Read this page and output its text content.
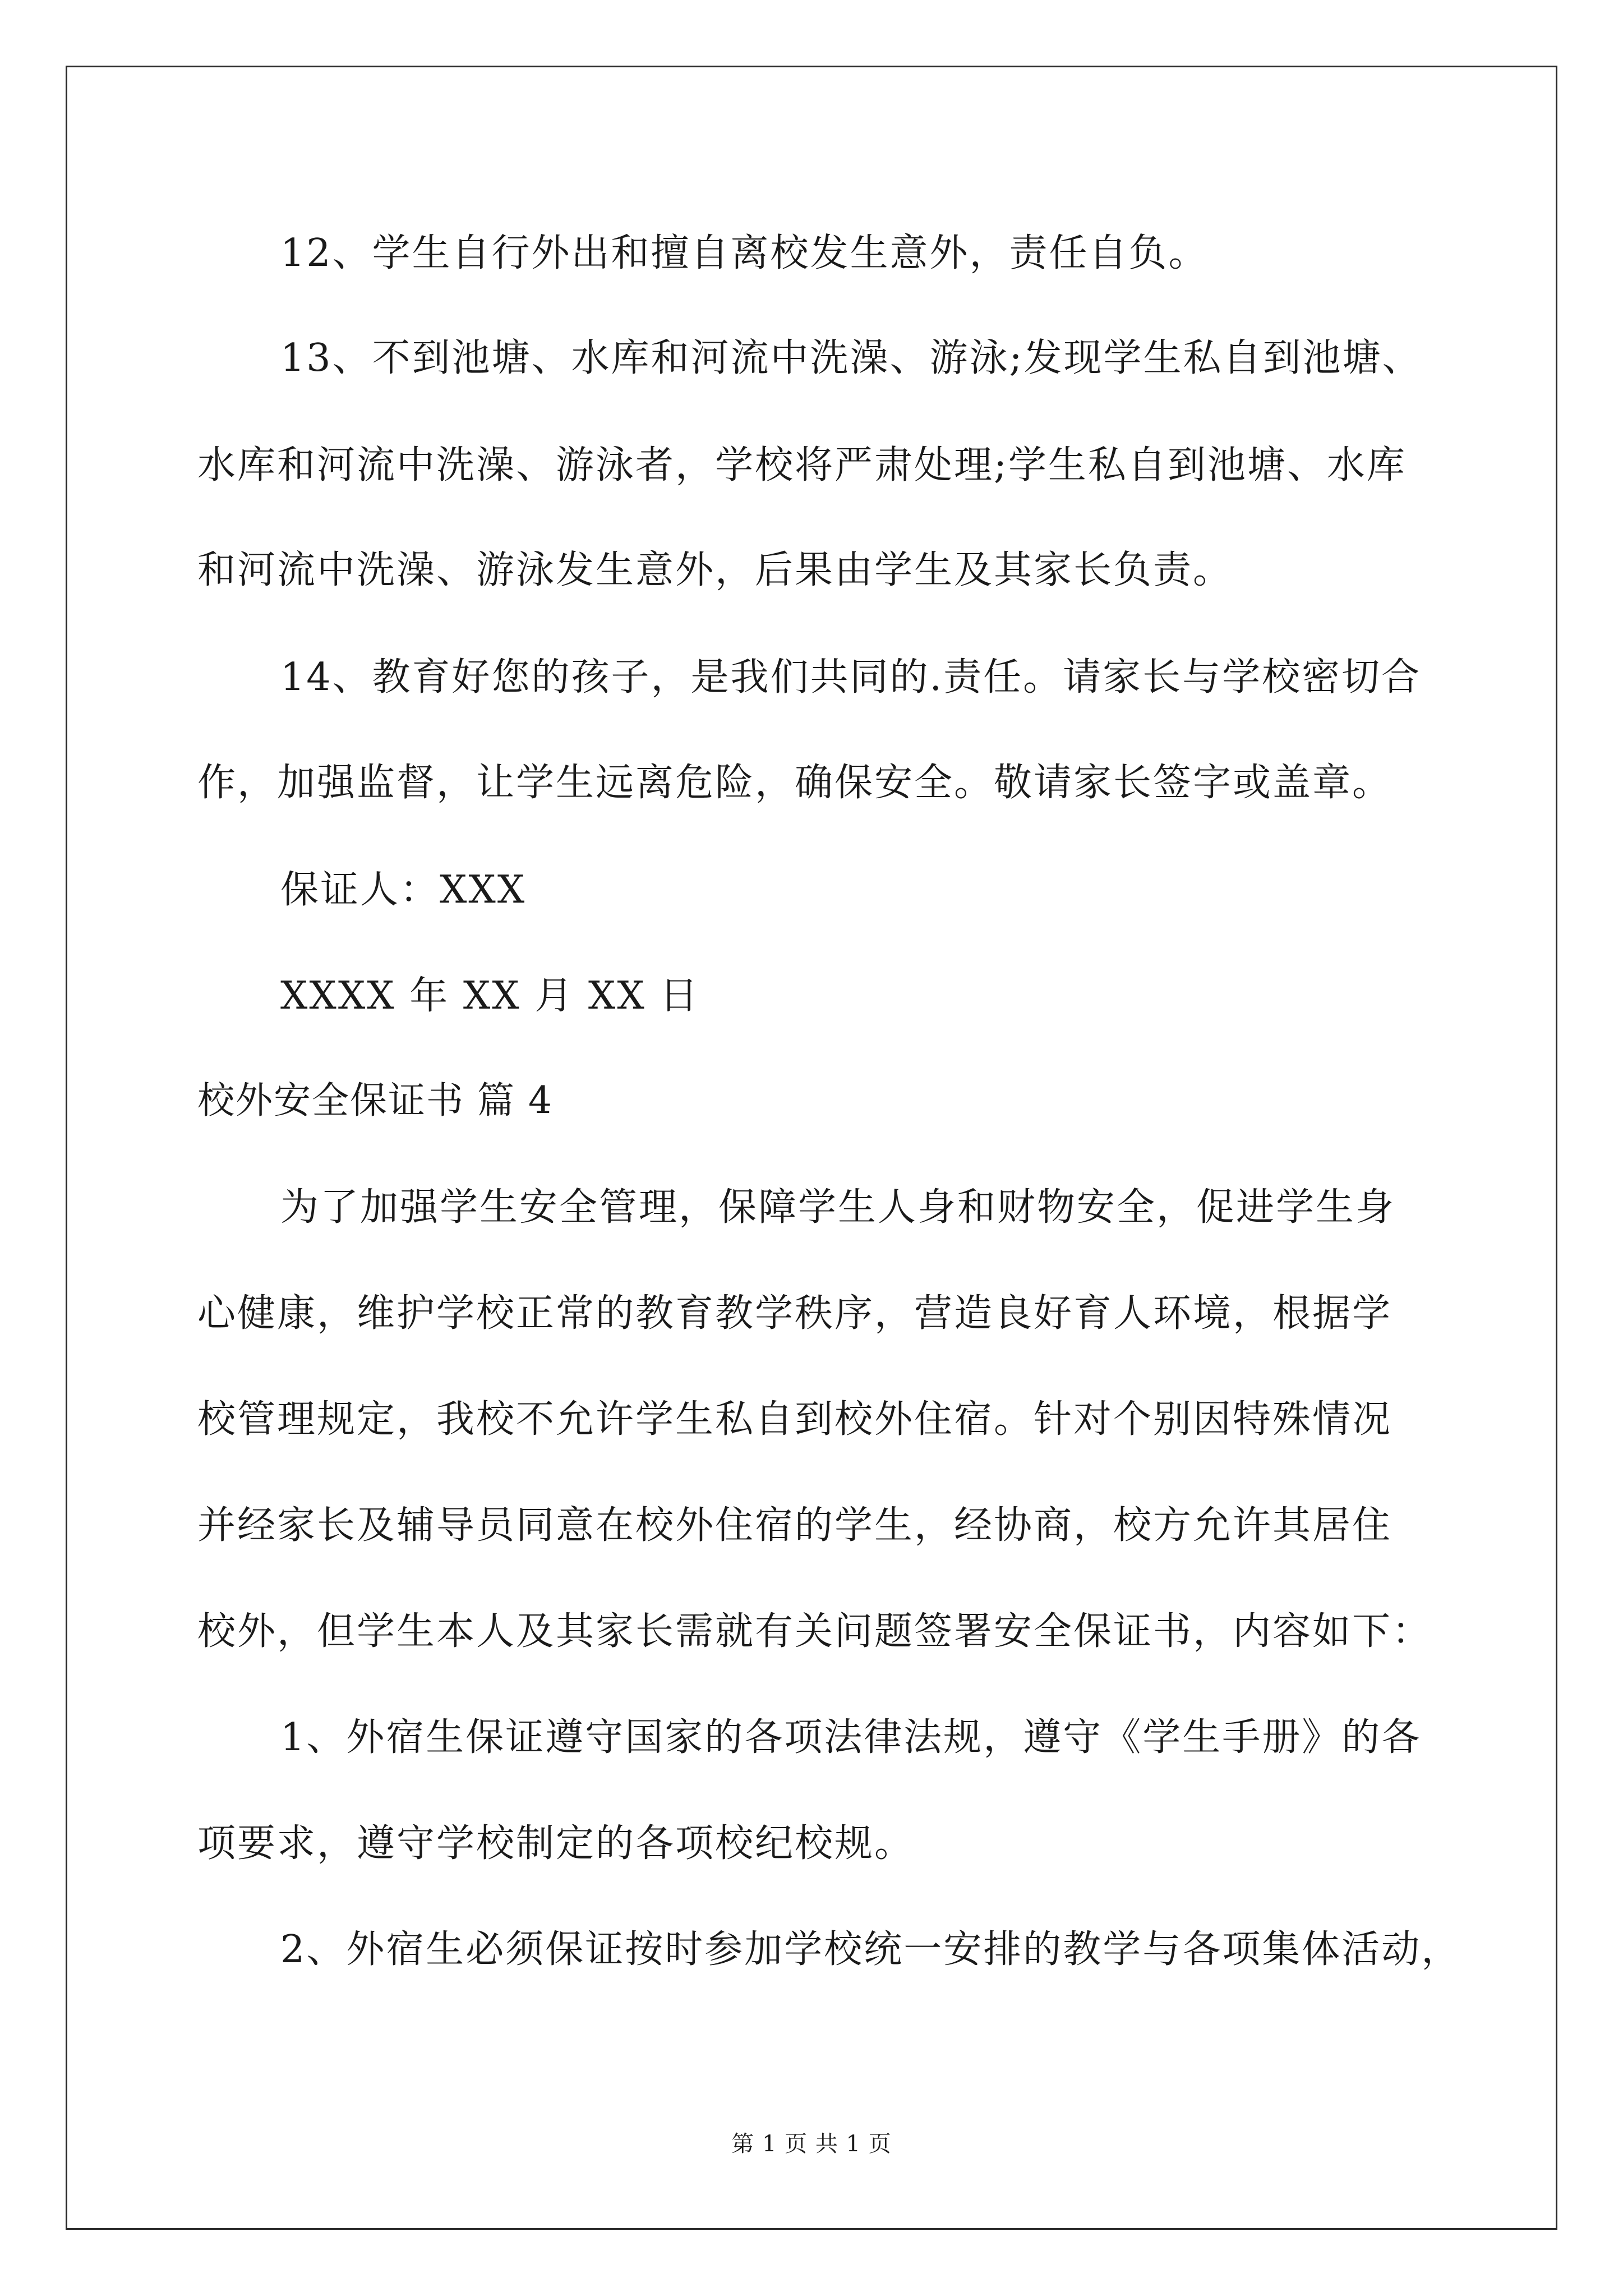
12、学生自行外出和擅自离校发生意外，责任自负。
13、不到池塘、水库和河流中洗澡、游泳;发现学生私自到池塘、
水库和河流中洗澡、游泳者，学校将严肃处理;学生私自到池塘、水库
和河流中洗澡、游泳发生意外，后果由学生及其家长负责。
14、教育好您的孩子，是我们共同的.责任。请家长与学校密切合
作，加强监督，让学生远离危险，确保安全。敬请家长签字或盖章。
保证人：XXX
XXXX 年 XX 月 XX 日
校外安全保证书 篇 4
为了加强学生安全管理，保障学生人身和财物安全，促进学生身
心健康，维护学校正常的教育教学秩序，营造良好育人环境，根据学
校管理规定，我校不允许学生私自到校外住宿。针对个别因特殊情况
并经家长及辅导员同意在校外住宿的学生，经协商，校方允许其居住
校外，但学生本人及其家长需就有关问题签署安全保证书，内容如下：
1、外宿生保证遵守国家的各项法律法规，遵守《学生手册》的各
项要求，遵守学校制定的各项校纪校规。
2、外宿生必须保证按时参加学校统一安排的教学与各项集体活动，
第 1 页 共 1 页
